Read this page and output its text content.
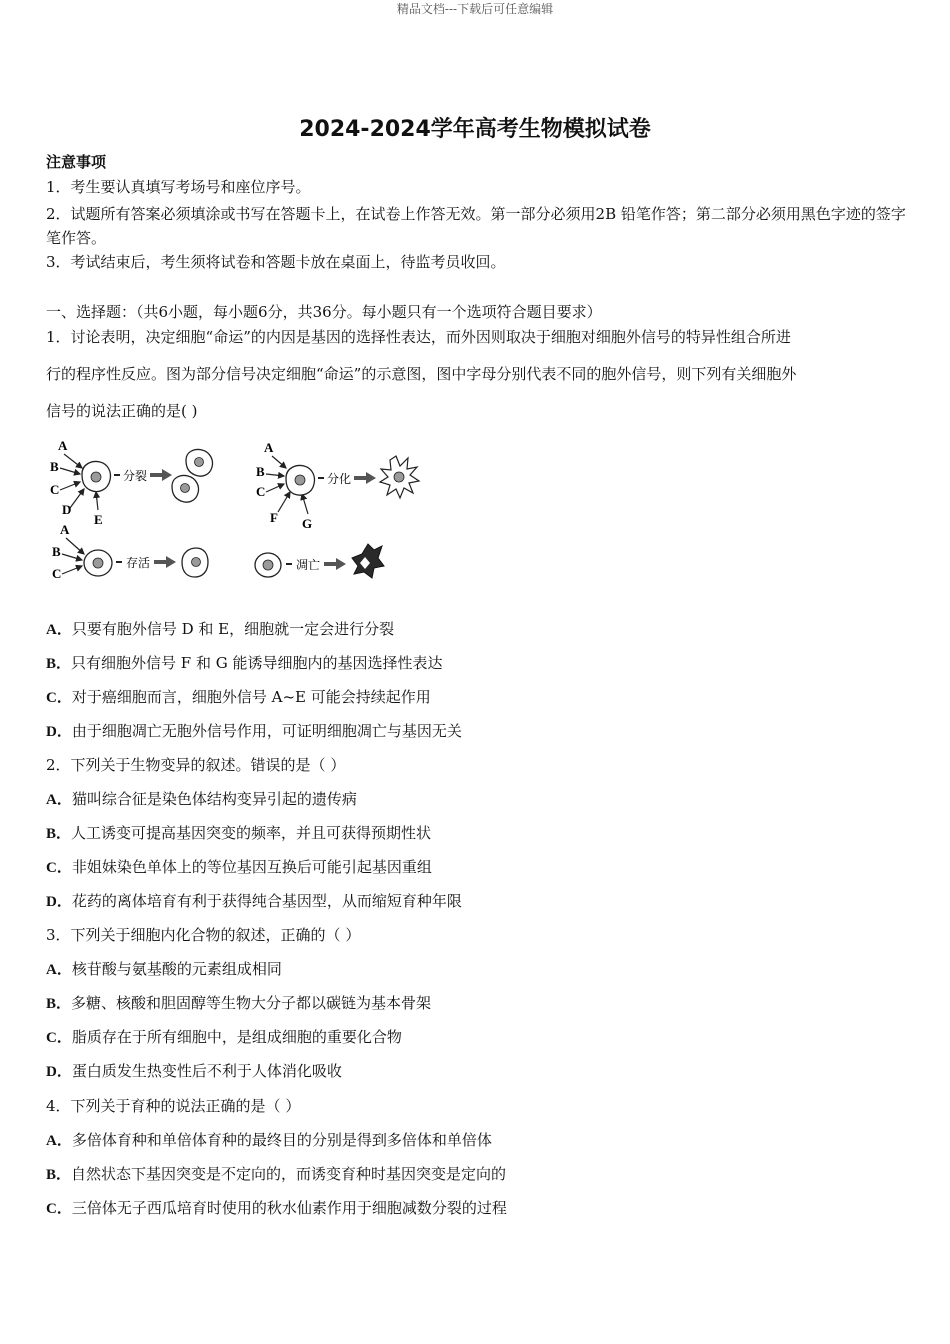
精品文档---下载后可任意编辑
2024-2024学年高考生物模拟试卷
注意事项
1．考生要认真填写考场号和座位序号。
2．试题所有答案必须填涂或书写在答题卡上，在试卷上作答无效。第一部分必须用2B 铅笔作答；第二部分必须用黑色字迹的签字笔作答。
3．考试结束后，考生须将试卷和答题卡放在桌面上，待监考员收回。
一、选择题：（共6小题，每小题6分，共36分。每小题只有一个选项符合题目要求）
1．讨论表明，决定细胞“命运”的内因是基因的选择性表达，而外因则取决于细胞对细胞外信号的特异性组合所进
行的程序性反应。图为部分信号决定细胞“命运”的示意图，图中字母分别代表不同的胞外信号，则下列有关细胞外
信号的说法正确的是( )
A
B
C
D
E
分裂
A
B
C
F G
分化
A
B
C
存活	凋亡
A．只要有胞外信号 D 和 E，细胞就一定会进行分裂
B．只有细胞外信号 F 和 G 能诱导细胞内的基因选择性表达
C．对于癌细胞而言，细胞外信号 A~E 可能会持续起作用
D．由于细胞凋亡无胞外信号作用，可证明细胞凋亡与基因无关
2．下列关于生物变异的叙述。错误的是（ ）
A．猫叫综合征是染色体结构变异引起的遗传病
B．人工诱变可提高基因突变的频率，并且可获得预期性状
C．非姐妹染色单体上的等位基因互换后可能引起基因重组
D．花药的离体培育有利于获得纯合基因型，从而缩短育种年限
3．下列关于细胞内化合物的叙述，正确的（ ）
A．核苷酸与氨基酸的元素组成相同
B．多糖、核酸和胆固醇等生物大分子都以碳链为基本骨架
C．脂质存在于所有细胞中，是组成细胞的重要化合物
D．蛋白质发生热变性后不利于人体消化吸收
4．下列关于育种的说法正确的是（ ）
A．多倍体育种和单倍体育种的最终目的分别是得到多倍体和单倍体
B．自然状态下基因突变是不定向的，而诱变育种时基因突变是定向的
C．三倍体无子西瓜培育时使用的秋水仙素作用于细胞减数分裂的过程
